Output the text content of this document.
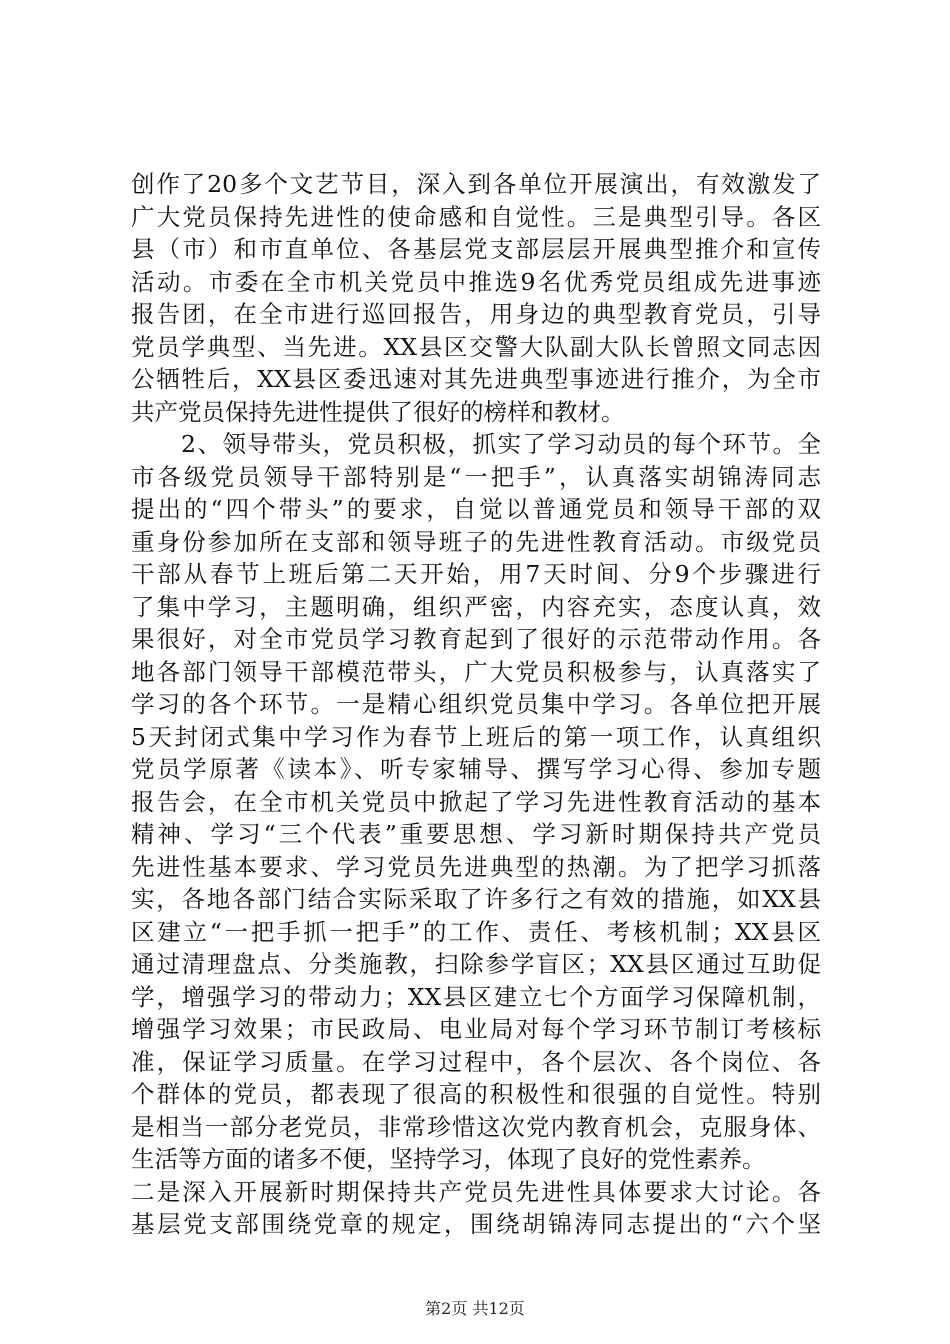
创作了20多个文艺节目，深入到各单位开展演出，有效激发了
广大党员保持先进性的使命感和自觉性。三是典型引导。各区
县（市）和市直单位、各基层党支部层层开展典型推介和宣传
活动。市委在全市机关党员中推选9名优秀党员组成先进事迹
报告团，在全市进行巡回报告，用身边的典型教育党员，引导
党员学典型、当先进。XX县区交警大队副大队长曾照文同志因
公牺牲后，XX县区委迅速对其先进典型事迹进行推介，为全市
共产党员保持先进性提供了很好的榜样和教材。
　　2、领导带头，党员积极，抓实了学习动员的每个环节。全
市各级党员领导干部特别是“一把手”，认真落实胡锦涛同志
提出的“四个带头”的要求，自觉以普通党员和领导干部的双
重身份参加所在支部和领导班子的先进性教育活动。市级党员
干部从春节上班后第二天开始，用7天时间、分9个步骤进行
了集中学习，主题明确，组织严密，内容充实，态度认真，效
果很好，对全市党员学习教育起到了很好的示范带动作用。各
地各部门领导干部模范带头，广大党员积极参与，认真落实了
学习的各个环节。一是精心组织党员集中学习。各单位把开展
5天封闭式集中学习作为春节上班后的第一项工作，认真组织
党员学原著《读本》、听专家辅导、撰写学习心得、参加专题
报告会，在全市机关党员中掀起了学习先进性教育活动的基本
精神、学习“三个代表”重要思想、学习新时期保持共产党员
先进性基本要求、学习党员先进典型的热潮。为了把学习抓落
实，各地各部门结合实际采取了许多行之有效的措施，如XX县
区建立“一把手抓一把手”的工作、责任、考核机制；XX县区
通过清理盘点、分类施教，扫除参学盲区；XX县区通过互助促
学，增强学习的带动力；XX县区建立七个方面学习保障机制，
增强学习效果；市民政局、电业局对每个学习环节制订考核标
准，保证学习质量。在学习过程中，各个层次、各个岗位、各
个群体的党员，都表现了很高的积极性和很强的自觉性。特别
是相当一部分老党员，非常珍惜这次党内教育机会，克服身体、
生活等方面的诸多不便，坚持学习，体现了良好的党性素养。
二是深入开展新时期保持共产党员先进性具体要求大讨论。各
基层党支部围绕党章的规定，围绕胡锦涛同志提出的“六个坚
第2页 共12页
